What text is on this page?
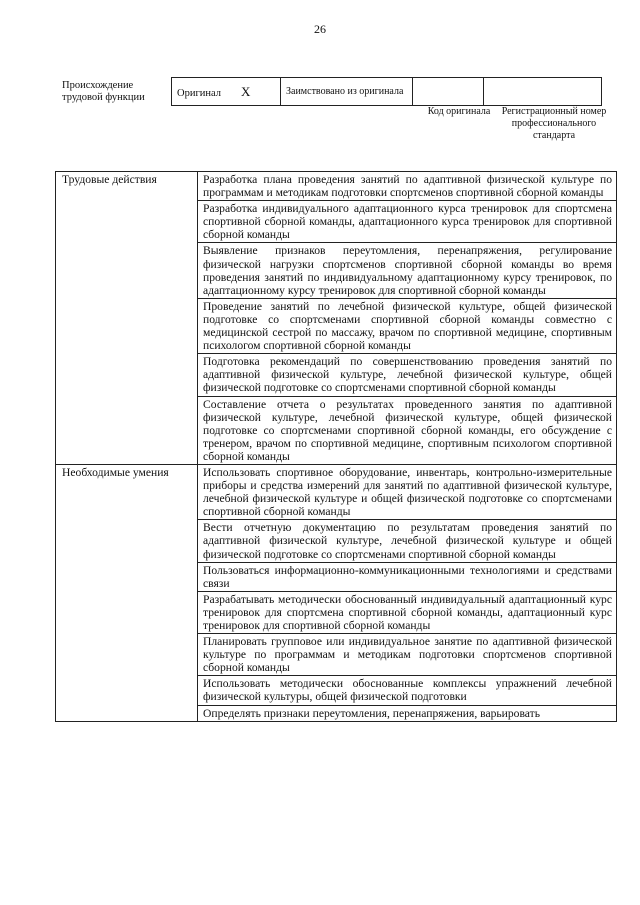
26
Происхождение трудовой функции	Оригинал X	Заимствовано из оригинала		
Код оригинала	Регистрационный номер профессионального стандарта
Трудовые действия	Разработка плана проведения занятий по адаптивной физической культуре по программам и методикам подготовки спортсменов спортивной сборной команды
	Разработка индивидуального адаптационного курса тренировок для спортсмена спортивной сборной команды, адаптационного курса тренировок для спортивной сборной команды
	Выявление признаков переутомления, перенапряжения, регулирование физической нагрузки спортсменов спортивной сборной команды во время проведения занятий по индивидуальному адаптационному курсу тренировок, по адаптационному курсу тренировок для спортивной сборной команды
	Проведение занятий по лечебной физической культуре, общей физической подготовке со спортсменами спортивной сборной команды совместно с медицинской сестрой по массажу, врачом по спортивной медицине, спортивным психологом спортивной сборной команды
	Подготовка рекомендаций по совершенствованию проведения занятий по адаптивной физической культуре, лечебной физической культуре, общей физической подготовке со спортсменами спортивной сборной команды
	Составление отчета о результатах проведенного занятия по адаптивной физической культуре, лечебной физической культуре, общей физической подготовке со спортсменами спортивной сборной команды, его обсуждение с тренером, врачом по спортивной медицине, спортивным психологом спортивной сборной команды
Необходимые умения	Использовать спортивное оборудование, инвентарь, контрольно-измерительные приборы и средства измерений для занятий по адаптивной физической культуре, лечебной физической культуре и общей физической подготовке со спортсменами спортивной сборной команды
	Вести отчетную документацию по результатам проведения занятий по адаптивной физической культуре, лечебной физической культуре и общей физической подготовке со спортсменами спортивной сборной команды
	Пользоваться информационно-коммуникационными технологиями и средствами связи
	Разрабатывать методически обоснованный индивидуальный адаптационный курс тренировок для спортсмена спортивной сборной команды, адаптационный курс тренировок для спортивной сборной команды
	Планировать групповое или индивидуальное занятие по адаптивной физической культуре по программам и методикам подготовки спортсменов спортивной сборной команды
	Использовать методически обоснованные комплексы упражнений лечебной физической культуры, общей физической подготовки

	Определять признаки переутомления, перенапряжения, варьировать
